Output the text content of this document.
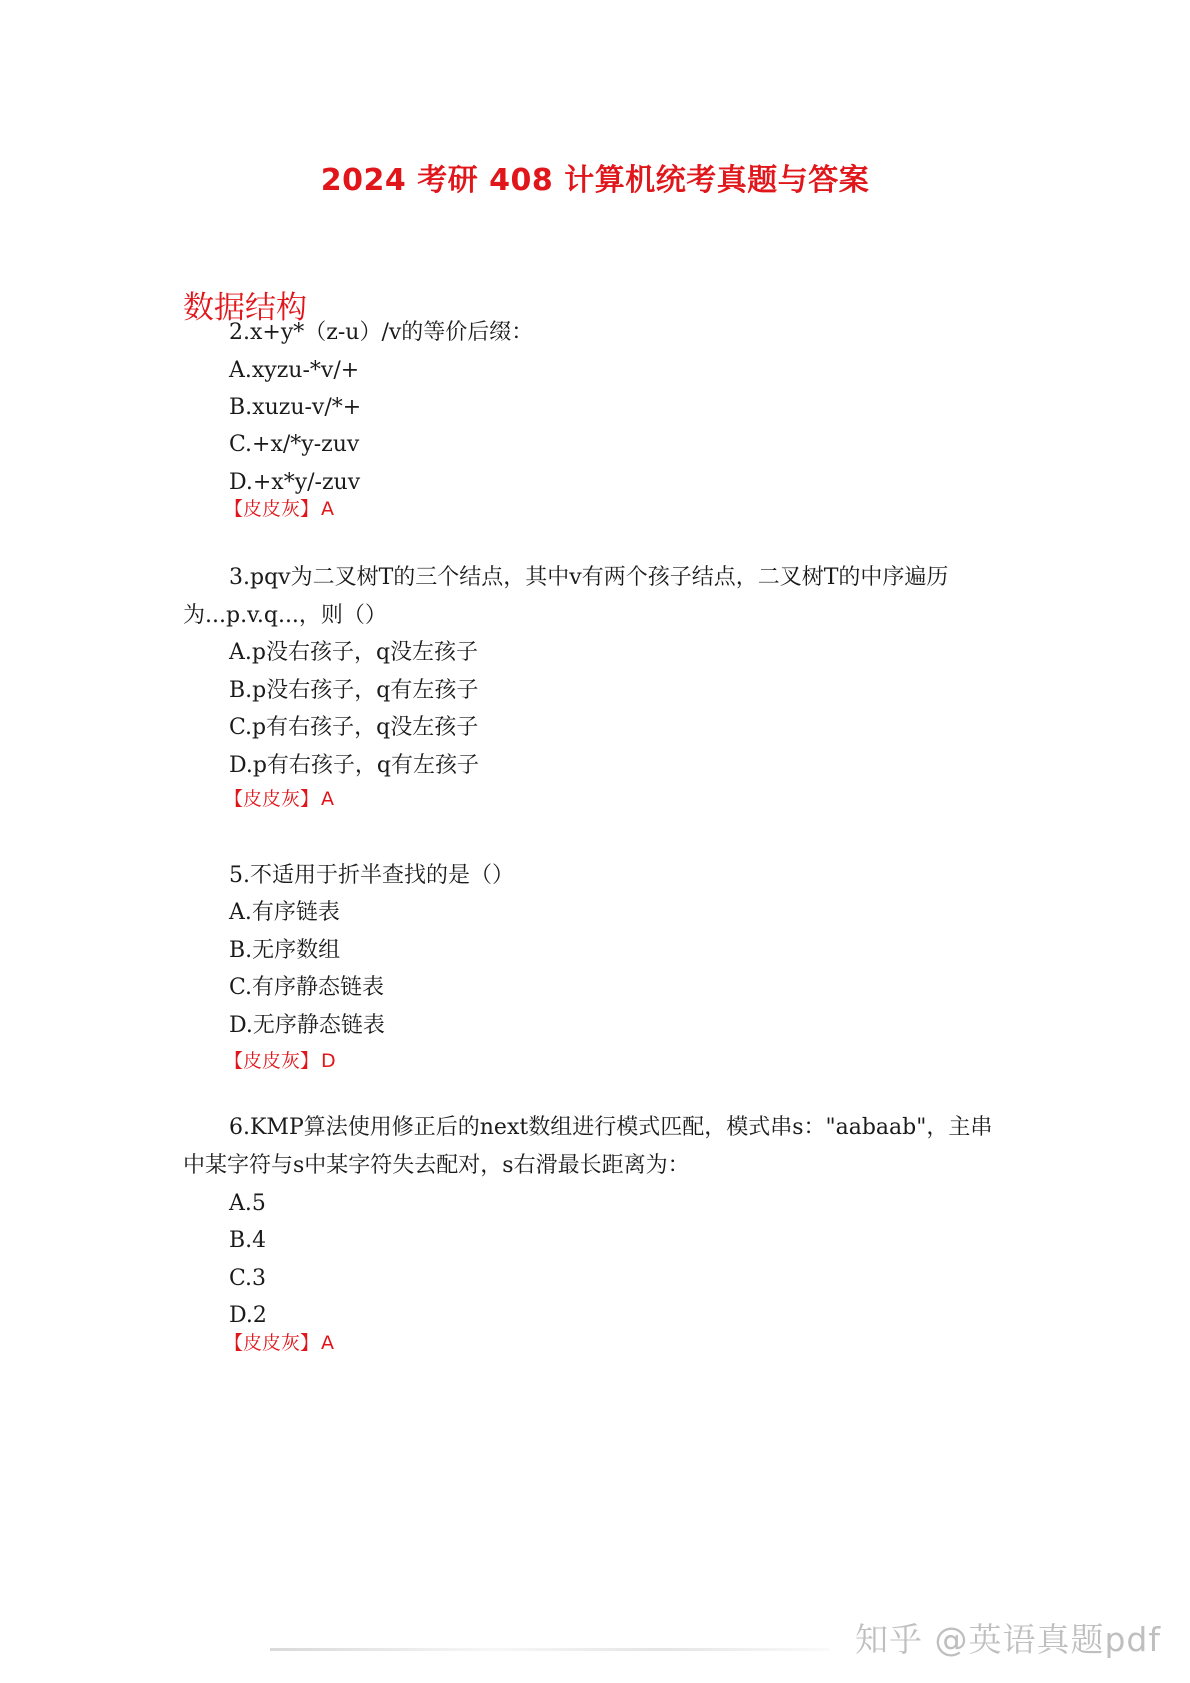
2024 考研 408 计算机统考真题与答案
数据结构
2.x+y*（z-u）/v的等价后缀：
A.xyzu-*v/+
B.xuzu-v/*+
C.+x/*y-zuv
D.+x*y/-zuv
【皮皮灰】 A
3.pqv为二叉树T的三个结点，其中v有两个孩子结点，二叉树T的中序遍历
为...p.v.q...，则（）
A.p没右孩子，q没左孩子
B.p没右孩子，q有左孩子
C.p有右孩子，q没左孩子
D.p有右孩子，q有左孩子
【皮皮灰】 A
5.不适用于折半查找的是（）
A.有序链表
B.无序数组
C.有序静态链表
D.无序静态链表
【皮皮灰】 D
6.KMP算法使用修正后的next数组进行模式匹配，模式串s："aabaab"，主串
中某字符与s中某字符失去配对，s右滑最长距离为：
A.5
B.4
C.3
D.2
【皮皮灰】 A
知乎 @英语真题pdf
